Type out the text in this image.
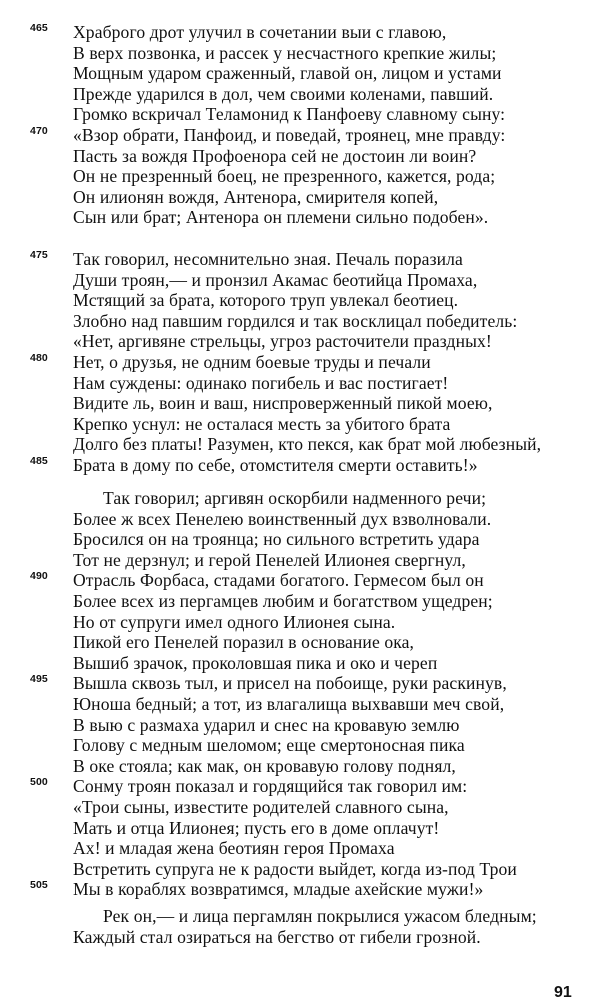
465 Храброго дрот улучил в сочетании выи с главою,
В верх позвонка, и рассек у несчастного крепкие жилы;
Мощным ударом сраженный, главой он, лицом и устами
Прежде ударился в дол, чем своими коленами, павший.
Громко вскричал Теламонид к Панфоеву славному сыну:
470 «Взор обрати, Панфоид, и поведай, троянец, мне правду:
Пасть за вождя Профоенора сей не достоин ли воин?
Он не презренный боец, не презренного, кажется, рода;
Он илионян вождя, Антенора, смирителя копей,
Сын или брат; Антенора он племени сильно подобен».
475 Так говорил, несомнительно зная. Печаль поразила
Души троян,— и пронзил Акамас беотийца Промаха,
Мстящий за брата, которого труп увлекал беотиец.
Злобно над павшим гордился и так восклицал победитель:
«Нет, аргивяне стрельцы, угроз расточители праздных!
480 Нет, о друзья, не одним боевые труды и печали
Нам суждены: одинако погибель и вас постигает!
Видите ль, воин и ваш, ниспроверженный пикой моею,
Крепко уснул: не осталася месть за убитого брата
Долго без платы! Разумен, кто пекся, как брат мой любезный,
485 Брата в дому по себе, отомстителя смерти оставить!»
Так говорил; аргивян оскорбили надменного речи;
Более ж всех Пенелею воинственный дух взволновали.
Бросился он на троянца; но сильного встретить удара
Тот не дерзнул; и герой Пенелей Илионея свергнул,
490 Отрасль Форбаса, стадами богатого. Гермесом был он
Более всех из пергамцев любим и богатством ущедрен;
Но от супруги имел одного Илионея сына.
Пикой его Пенелей поразил в основание ока,
Вышиб зрачок, проколовшая пика и око и череп
495 Вышла сквозь тыл, и присел на побоище, руки раскинув,
Юноша бедный; а тот, из влагалища выхвавши меч свой,
В выю с размаха ударил и снес на кровавую землю
Голову с медным шеломом; еще смертоносная пика
В оке стояла; как мак, он кровавую голову поднял,
500 Сонму троян показал и гордящийся так говорил им:
«Трои сыны, известите родителей славного сына,
Мать и отца Илионея; пусть его в доме оплачут!
Ах! и младая жена беотиян героя Промаха
Встретить супруга не к радости выйдет, когда из-под Трои
505 Мы в кораблях возвратимся, младые ахейские мужи!»
Рек он,— и лица пергамлян покрылися ужасом бледным;
Каждый стал озираться на бегство от гибели грозной.
91
